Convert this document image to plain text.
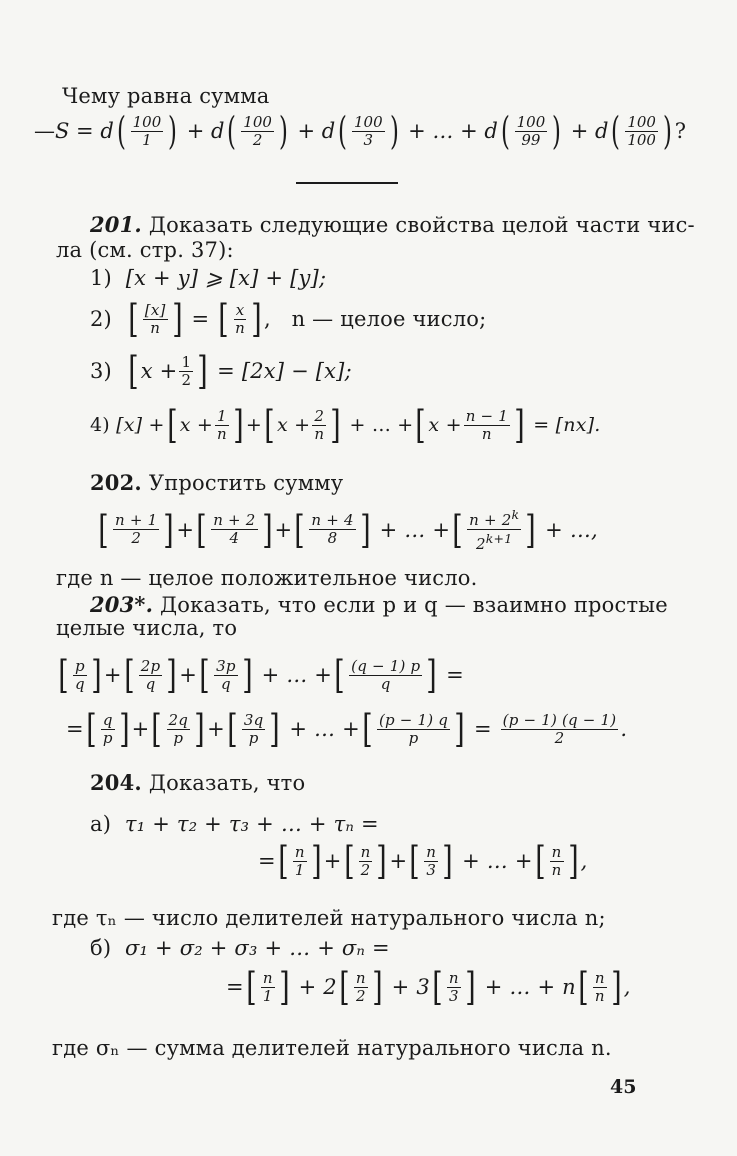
Чему равна сумма
— S = d ( $\frac{100}{1}$ ) + d ( $\frac{100}{2}$ ) + d ( $\frac{100}{3}$ ) + … + d ( $\frac{100}{99}$ ) + d ( $\frac{100}{100}$ ) ?
201. Доказать следующие свойства целой части чис-
ла (см. стр. 37):
1)
[x + y] ⩾ [x] + [y];
2)
[ $\frac{[x]}{n}$ ] = [ $\frac{x}{n}$ ] , n — целое число;
3)
[ $x + \frac{1}{2}$ ] = [2x] − [x];
4)
[x] + [ $x + \frac{1}{n}$ ] + [ $x + \frac{2}{n}$ ] + … + [ $x + \frac{n - 1}{n}$ ] = [nx].
202. Упростить сумму
[ $\frac{n + 1}{2}$ ] + [ $\frac{n + 2}{4}$ ] + [ $\frac{n + 4}{8}$ ] + … + [ $\frac{n + 2^k}{2^{k+1}}$ ] + …,
где n — целое положительное число.
203*. Доказать, что если p и q — взаимно простые
целые числа, то
[ $\frac{p}{q}$ ] + [ $\frac{2p}{q}$ ] + [ $\frac{3p}{q}$ ] + … + [ $\frac{(q - 1) p}{q}$ ] =
= [ $\frac{q}{p}$ ] + [ $\frac{2q}{p}$ ] + [ $\frac{3q}{p}$ ] + … + [ $\frac{(p - 1) q}{p}$ ] = $\frac{(p - 1) (q - 1)}{2}$ .
204. Доказать, что
а)
τ₁ + τ₂ + τ₃ + … + τₙ =
= [ $\frac{n}{1}$ ] + [ $\frac{n}{2}$ ] + [ $\frac{n}{3}$ ] + … + [ $\frac{n}{n}$ ] ,
где τₙ — число делителей натурального числа n;
б)
σ₁ + σ₂ + σ₃ + … + σₙ =
= [ $\frac{n}{1}$ ] + 2 [ $\frac{n}{2}$ ] + 3 [ $\frac{n}{3}$ ] + … + n [ $\frac{n}{n}$ ] ,
где σₙ — сумма делителей натурального числа n.
45
